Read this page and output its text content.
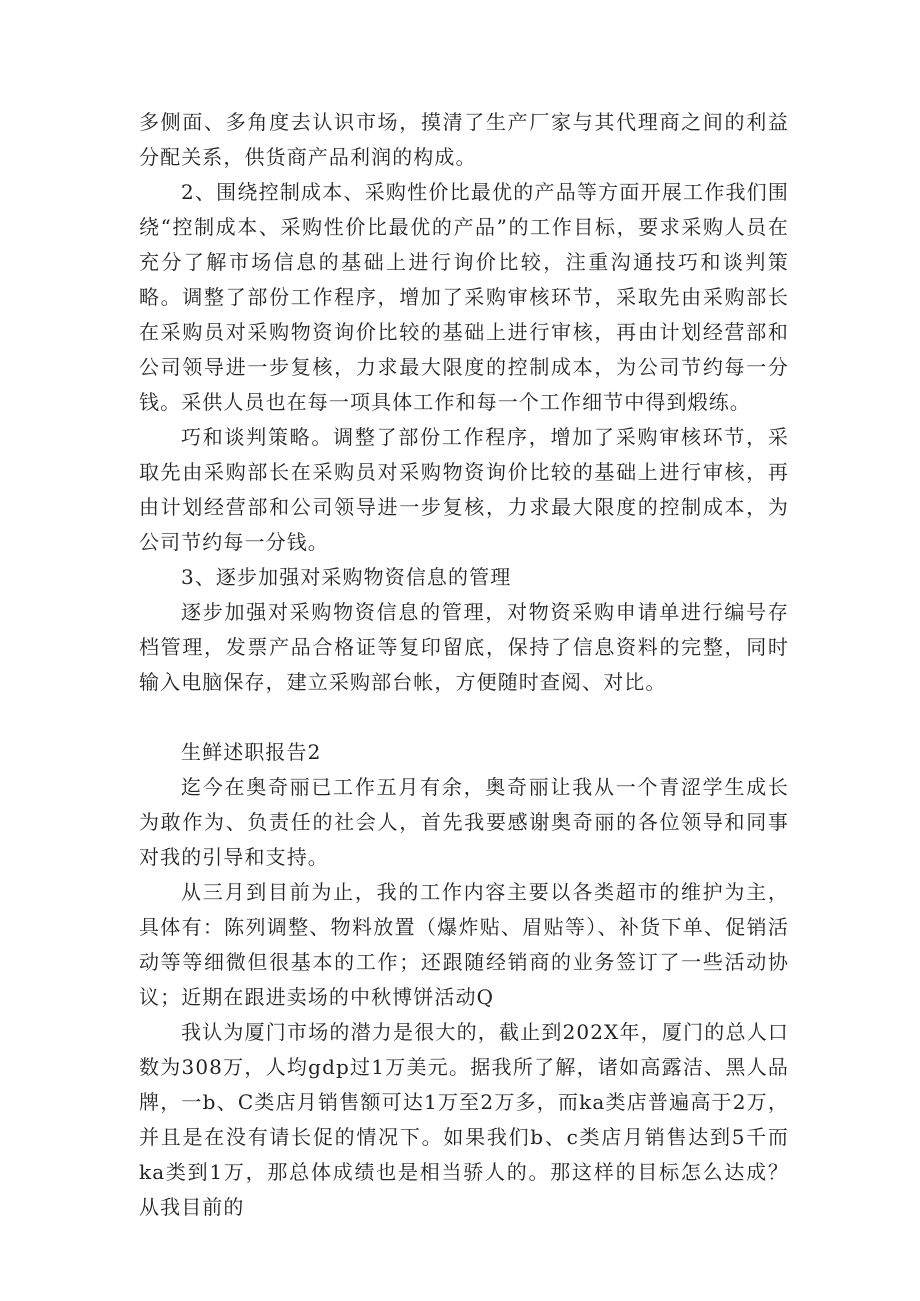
多侧面、多角度去认识市场，摸清了生产厂家与其代理商之间的利益分配关系，供货商产品利润的构成。

2、围绕控制成本、采购性价比最优的产品等方面开展工作我们围绕“控制成本、采购性价比最优的产品”的工作目标，要求采购人员在充分了解市场信息的基础上进行询价比较，注重沟通技巧和谈判策略。调整了部份工作程序，增加了采购审核环节，采取先由采购部长在采购员对采购物资询价比较的基础上进行审核，再由计划经营部和公司领导进一步复核，力求最大限度的控制成本，为公司节约每一分钱。采供人员也在每一项具体工作和每一个工作细节中得到煅练。

巧和谈判策略。调整了部份工作程序，增加了采购审核环节，采取先由采购部长在采购员对采购物资询价比较的基础上进行审核，再由计划经营部和公司领导进一步复核，力求最大限度的控制成本，为公司节约每一分钱。

3、逐步加强对采购物资信息的管理

逐步加强对采购物资信息的管理，对物资采购申请单进行编号存档管理，发票产品合格证等复印留底，保持了信息资料的完整，同时输入电脑保存，建立采购部台帐，方便随时查阅、对比。

生鲜述职报告2

迄今在奥奇丽已工作五月有余，奥奇丽让我从一个青涩学生成长为敢作为、负责任的社会人，首先我要感谢奥奇丽的各位领导和同事对我的引导和支持。

从三月到目前为止，我的工作内容主要以各类超市的维护为主，具体有：陈列调整、物料放置（爆炸贴、眉贴等）、补货下单、促销活动等等细微但很基本的工作；还跟随经销商的业务签订了一些活动协议；近期在跟进卖场的中秋博饼活动Q

我认为厦门市场的潜力是很大的，截止到202X年，厦门的总人口数为308万，人均gdp过1万美元。据我所了解，诸如高露洁、黑人品牌，一b、C类店月销售额可达1万至2万多，而ka类店普遍高于2万，并且是在没有请长促的情况下。如果我们b、c类店月销售达到5千而ka类到1万，那总体成绩也是相当骄人的。那这样的目标怎么达成？从我目前的
